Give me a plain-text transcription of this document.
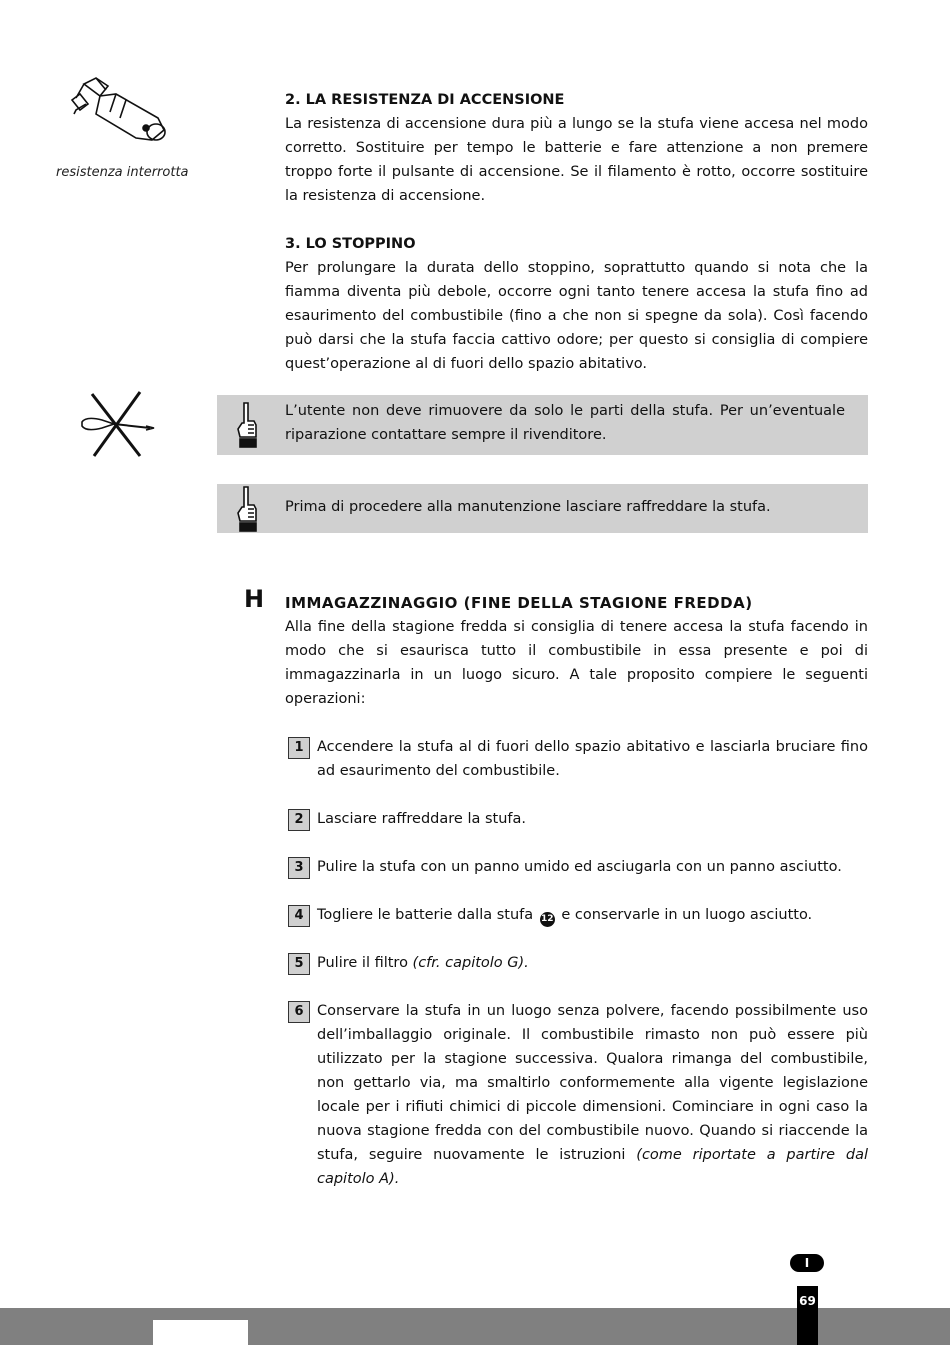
resistenza interrotta
2. LA RESISTENZA DI ACCENSIONE
La resistenza di accensione dura più a lungo se la stufa viene accesa nel modo corretto. Sostituire per tempo le batterie e fare attenzione a non premere troppo forte il pulsante di accensione. Se il filamento è rotto, occorre sostituire la resistenza di accensione.
3. LO STOPPINO
Per prolungare la durata dello stoppino, soprattutto quando si nota che la fiamma diventa più debole, occorre ogni tanto tenere accesa la stufa fino ad esaurimento del combustibile (fino a che non si spegne da sola). Così facendo può darsi che la stufa faccia cattivo odore; per questo si consiglia di compiere quest’operazione al di fuori dello spazio abitativo.
L’utente non deve rimuovere da solo le parti della stufa. Per un’eventuale riparazione contattare sempre il rivenditore.
Prima di procedere alla manutenzione lasciare raffreddare la stufa.
H IMMAGAZZINAGGIO (FINE DELLA STAGIONE FREDDA)
Alla fine della stagione fredda si consiglia di tenere accesa la stufa facendo in modo che si esaurisca tutto il combustibile in essa presente e poi di immagazzinarla in un luogo sicuro. A tale proposito compiere le seguenti operazioni:
1 Accendere la stufa al di fuori dello spazio abitativo e lasciarla bruciare fino ad esaurimento del combustibile.
2 Lasciare raffreddare la stufa.
3 Pulire la stufa con un panno umido ed asciugarla con un panno asciutto.
4 Togliere le batterie dalla stufa 12 e conservarle in un luogo asciutto.
5 Pulire il filtro (cfr. capitolo G).
6 Conservare la stufa in un luogo senza polvere, facendo possibilmente uso dell’imballaggio originale. Il combustibile rimasto non può essere più utilizzato per la stagione successiva. Qualora rimanga del combustibile, non gettarlo via, ma smaltirlo conformemente alla vigente legislazione locale per i rifiuti chimici di piccole dimensioni. Cominciare in ogni caso la nuova stagione fredda con del combustibile nuovo. Quando si riaccende la stufa, seguire nuovamente le istruzioni (come riportate a partire dal capitolo A).
I
69
